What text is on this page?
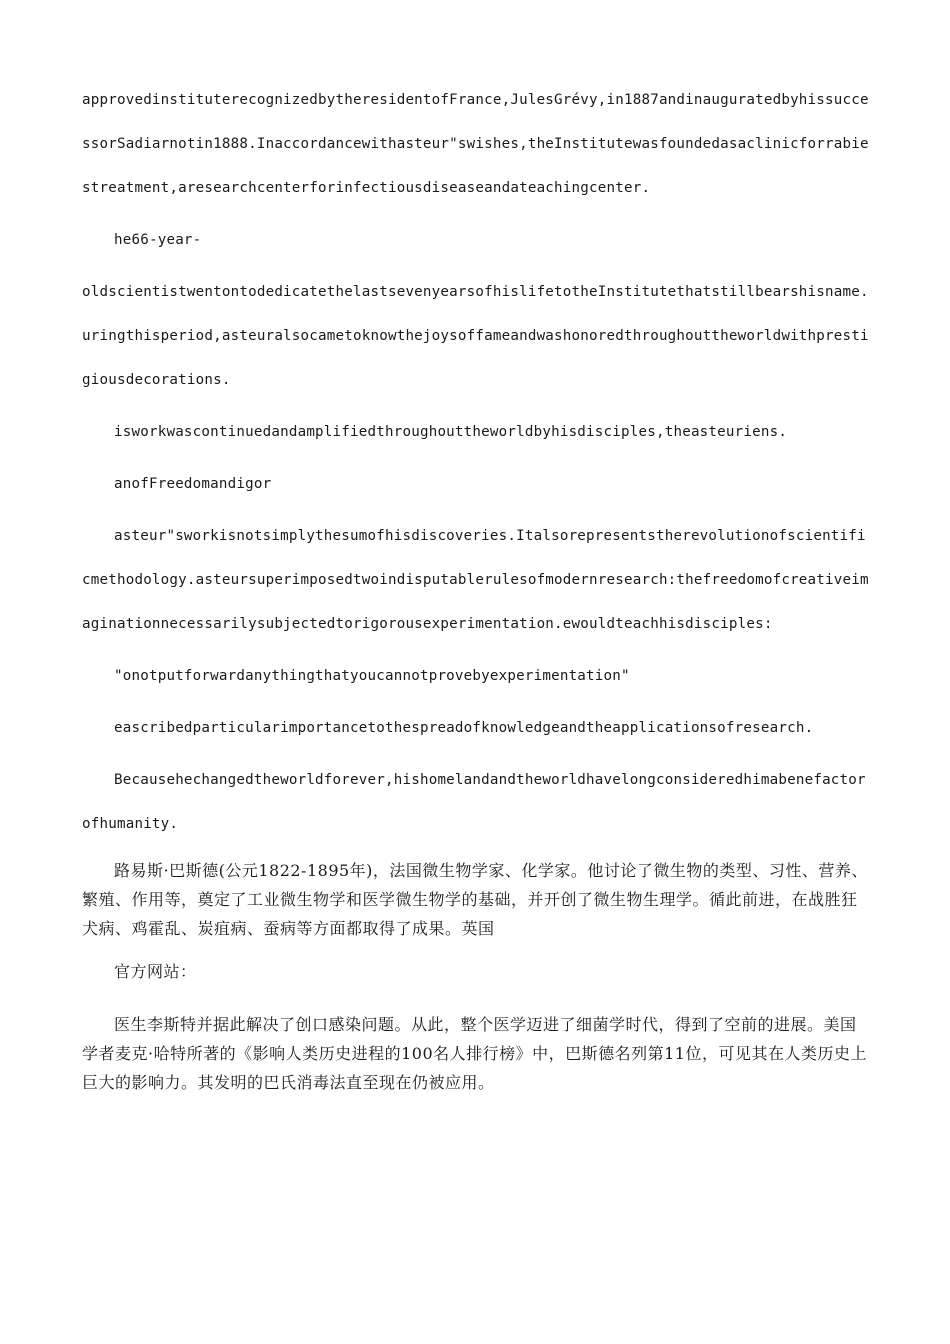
approvedinstituterecognizedbytheresidentofFrance,JulesGrévy,in1887andinauguratedbyhissuccessorSadiarnotin1888.Inaccordancewithasteur"swishes,theInstitutewasfoundedasaclinicforrabiestreatment,aresearchcenterforinfectiousdiseaseandateachingcenter.

he66-year-

oldscientistwentontodedicatethelastsevenyearsofhislifetotheInstitutethatstillbearshisname.uringthisperiod,asteuralsocametoknowthejoysoffameandwashonoredthroughouttheworldwithprestigiousdecorations.

isworkwascontinuedandamplifiedthroughouttheworldbyhisdisciples,theasteuriens.

anofFreedomandigor

asteur"sworkisnotsimplythesumofhisdiscoveries.Italsorepresentstherevolutionofscientificmethodology.asteursuperimposedtwoindisputablerulesofmodernresearch:thefreedomofcreativeimaginationnecessarilysubjectedtorigorousexperimentation.ewouldteachhisdisciples:

"onotputforwardanythingthatyoucannotprovebyexperimentation"

eascribedparticularimportancetothespreadofknowledgeandtheapplicationsofresearch.

Becausehechangedtheworldforever,hishomelandandtheworldhavelongconsideredhimabenefactorofhumanity.

路易斯·巴斯德(公元1822-1895年)，法国微生物学家、化学家。他讨论了微生物的类型、习性、营养、繁殖、作用等，奠定了工业微生物学和医学微生物学的基础，并开创了微生物生理学。循此前进，在战胜狂犬病、鸡霍乱、炭疽病、蚕病等方面都取得了成果。英国

官方网站：

医生李斯特并据此解决了创口感染问题。从此，整个医学迈进了细菌学时代，得到了空前的进展。美国学者麦克·哈特所著的《影响人类历史进程的100名人排行榜》中，巴斯德名列第11位，可见其在人类历史上巨大的影响力。其发明的巴氏消毒法直至现在仍被应用。
